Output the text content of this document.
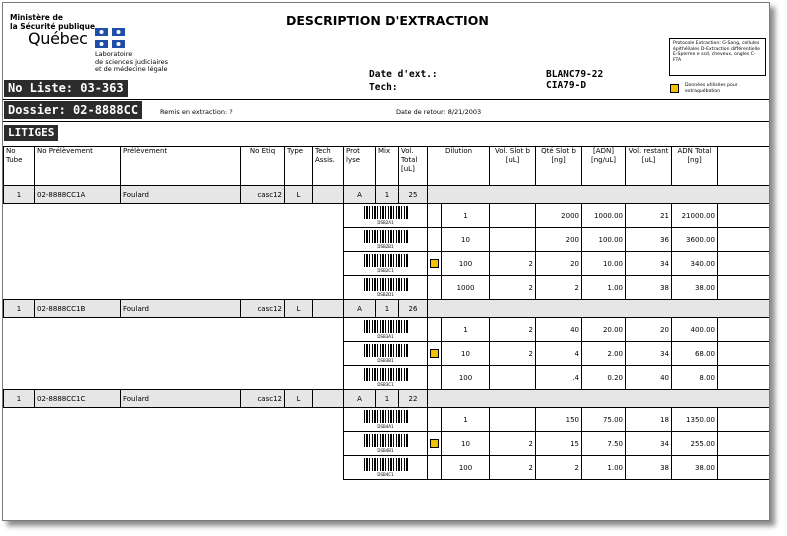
Ministère de
la Sécurité publique
Québec
Laboratoire
de sciences judiciaires
et de médecine légale
DESCRIPTION D'EXTRACTION
Date d'ext.:
Tech:
BLANC79-22
CIA79-D
Protocole Extraction: G-Sang, cellules épithéliales D-Extraction différentielle E-Sperme e ssd, cheveux, ongles C-FTA
Données utilisées pour extraquébation
No Liste: 03-363
Dossier: 02-8888CC	Remis en extraction: ?	Date de retour: 8/21/2003
LITIGES
No Tube	No Prélèvement	Prélèvement	No Etiq	Type	Tech Assis.	Prot lyse	Mix	Vol. Total [uL]	Dilution		Vol. Slot b [uL]	Qté Slot b [ng]	[ADN] [ng/uL]	Vol. restant [uL]	ADN Total [ng]	
1	02-8888CC1A	Foulard	casc12	L		A	1	25								

						DSB2A1				1		2000	1000.00	21	21000.00	

						DSB2B1				10		200	100.00	36	3600.00	

						DSB2C1				100	2	20	10.00	34	340.00	

						DSB2D1				1000	2	2	1.00	38	38.00	
1	02-8888CC1B	Foulard	casc12	L		A	1	26								

						DSB3A1				1	2	40	20.00	20	400.00	

						DSB3B1				10	2	4	2.00	34	68.00	

						DSB3C1				100		.4	0.20	40	8.00	
1	02-8888CC1C	Foulard	casc12	L		A	1	22								

						DSB4A1				1		150	75.00	18	1350.00	

						DSB4B1				10	2	15	7.50	34	255.00	

						DSB4C1				100	2	2	1.00	38	38.00	
